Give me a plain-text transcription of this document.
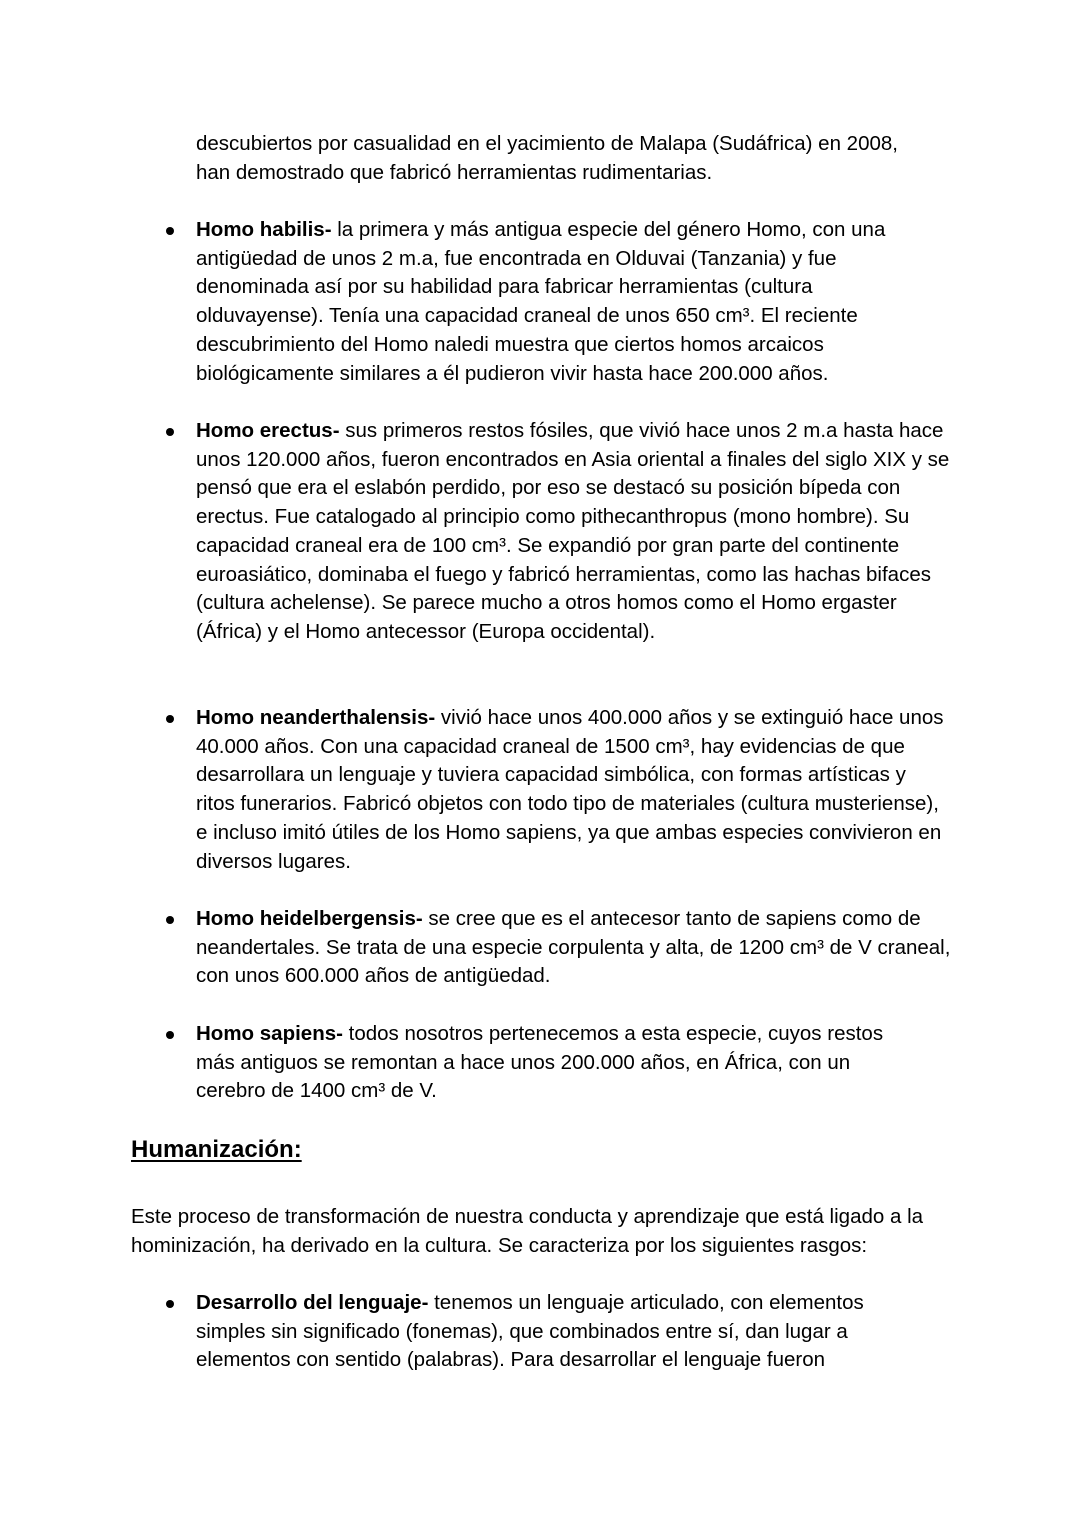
descubiertos por casualidad en el yacimiento de Malapa (Sudáfrica) en 2008,
han demostrado que fabricó herramientas rudimentarias.

Homo habilis- la primera y más antigua especie del género Homo, con una antigüedad de unos 2 m.a, fue encontrada en Olduvai (Tanzania) y fue denominada así por su habilidad para fabricar herramientas (cultura olduvayense). Tenía una capacidad craneal de unos 650 cm³. El reciente descubrimiento del Homo naledi muestra que ciertos homos arcaicos biológicamente similares a él pudieron vivir hasta hace 200.000 años.
Homo erectus- sus primeros restos fósiles, que vivió hace unos 2 m.a hasta hace unos 120.000 años, fueron encontrados en Asia oriental a finales del siglo XIX y se pensó que era el eslabón perdido, por eso se destacó su posición bípeda con erectus. Fue catalogado al principio como pithecanthropus (mono hombre). Su capacidad craneal era de 100 cm³. Se expandió por gran parte del continente euroasiático, dominaba el fuego y fabricó herramientas, como las hachas bifaces (cultura achelense). Se parece mucho a otros homos como el Homo ergaster (África) y el Homo antecessor (Europa occidental).
Homo neanderthalensis- vivió hace unos 400.000 años y se extinguió hace unos 40.000 años. Con una capacidad craneal de 1500 cm³, hay evidencias de que desarrollara un lenguaje y tuviera capacidad simbólica, con formas artísticas y ritos funerarios. Fabricó objetos con todo tipo de materiales (cultura musteriense), e incluso imitó útiles de los Homo sapiens, ya que ambas especies convivieron en diversos lugares.
Homo heidelbergensis- se cree que es el antecesor tanto de sapiens como de neandertales. Se trata de una especie corpulenta y alta, de 1200 cm³ de V craneal, con unos 600.000 años de antigüedad.
Homo sapiens- todos nosotros pertenecemos a esta especie, cuyos restos más antiguos se remontan a hace unos 200.000 años, en África, con un cerebro de 1400 cm³ de V.
Humanización:

Este proceso de transformación de nuestra conducta y aprendizaje que está ligado a la hominización, ha derivado en la cultura. Se caracteriza por los siguientes rasgos:

Desarrollo del lenguaje- tenemos un lenguaje articulado, con elementos simples sin significado (fonemas), que combinados entre sí, dan lugar a elementos con sentido (palabras). Para desarrollar el lenguaje fueron
